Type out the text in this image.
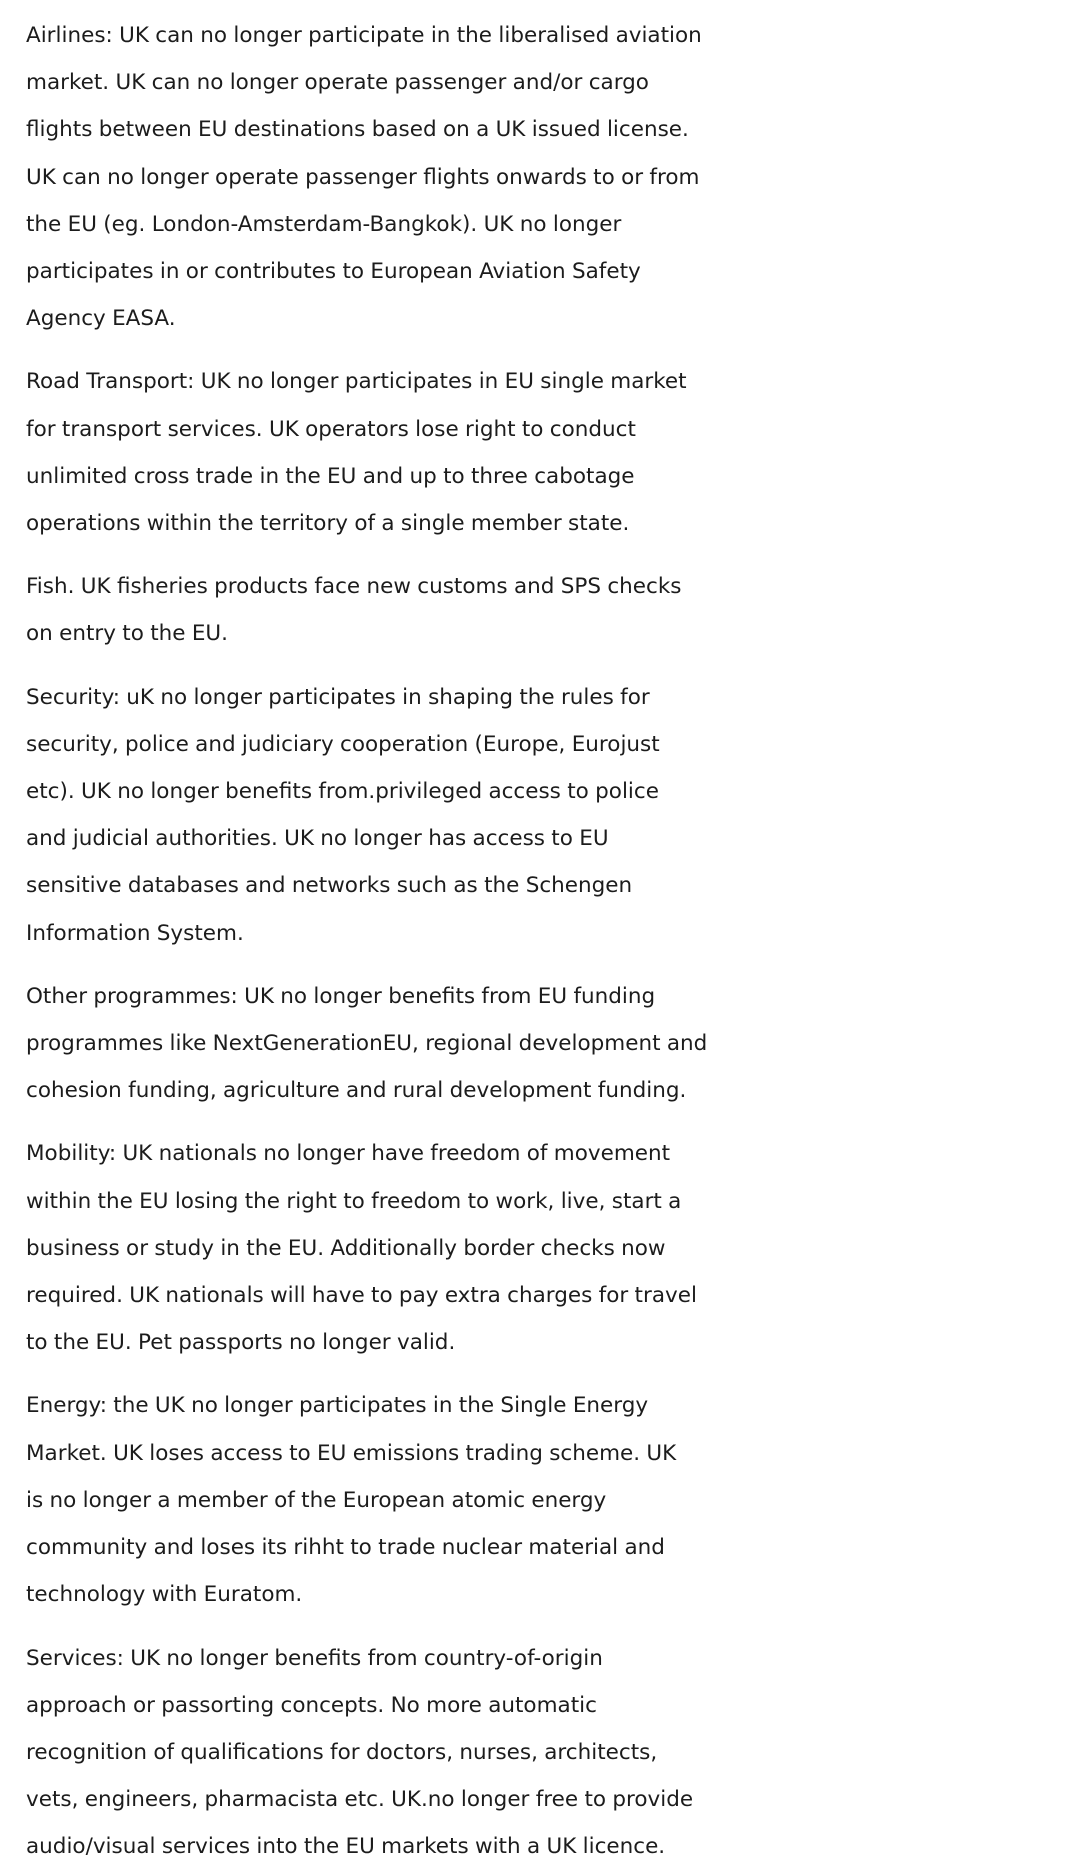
Airlines: UK can no longer participate in the liberalised aviation
market. UK can no longer operate passenger and/or cargo
flights between EU destinations based on a UK issued license.
UK can no longer operate passenger flights onwards to or from
the EU (eg. London-Amsterdam-Bangkok). UK no longer
participates in or contributes to European Aviation Safety
Agency EASA.

Road Transport: UK no longer participates in EU single market
for transport services. UK operators lose right to conduct
unlimited cross trade in the EU and up to three cabotage
operations within the territory of a single member state.

Fish. UK fisheries products face new customs and SPS checks
on entry to the EU.

Security: uK no longer participates in shaping the rules for
security, police and judiciary cooperation (Europe, Eurojust
etc). UK no longer benefits from.privileged access to police
and judicial authorities. UK no longer has access to EU
sensitive databases and networks such as the Schengen
Information System.

Other programmes: UK no longer benefits from EU funding
programmes like NextGenerationEU, regional development and
cohesion funding, agriculture and rural development funding.

Mobility: UK nationals no longer have freedom of movement
within the EU losing the right to freedom to work, live, start a
business or study in the EU. Additionally border checks now
required. UK nationals will have to pay extra charges for travel
to the EU. Pet passports no longer valid.

Energy: the UK no longer participates in the Single Energy
Market. UK loses access to EU emissions trading scheme. UK
is no longer a member of the European atomic energy
community and loses its rihht to trade nuclear material and
technology with Euratom.

Services: UK no longer benefits from country-of-origin
approach or passorting concepts. No more automatic
recognition of qualifications for doctors, nurses, architects,
vets, engineers, pharmacista etc. UK.no longer free to provide
audio/visual services into the EU markets with a UK licence.
